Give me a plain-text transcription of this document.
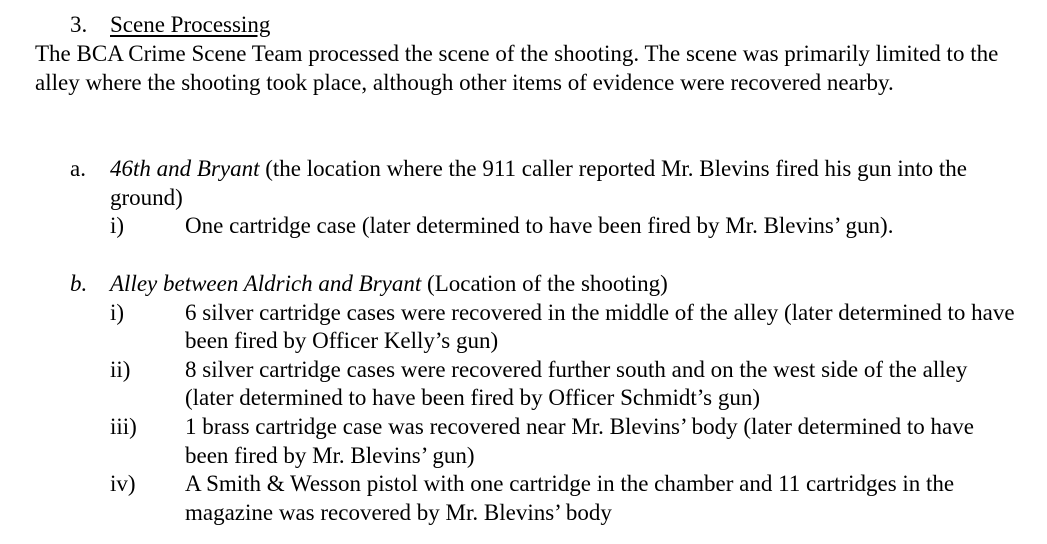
3. Scene Processing

The BCA Crime Scene Team processed the scene of the shooting. The scene was primarily limited to the alley where the shooting took place, although other items of evidence were recovered nearby.

a. 46th and Bryant (the location where the 911 caller reported Mr. Blevins fired his gun into the ground)
i)	One cartridge case (later determined to have been fired by Mr. Blevins’ gun).
b. Alley between Aldrich and Bryant (Location of the shooting)
i)	6 silver cartridge cases were recovered in the middle of the alley (later determined to have been fired by Officer Kelly’s gun)
ii) 8 silver cartridge cases were recovered further south and on the west side of the alley (later determined to have been fired by Officer Schmidt’s gun)
iii) 1 brass cartridge case was recovered near Mr. Blevins’ body (later determined to have been fired by Mr. Blevins’ gun)
iv) A Smith & Wesson pistol with one cartridge in the chamber and 11 cartridges in the magazine was recovered by Mr. Blevins’ body
